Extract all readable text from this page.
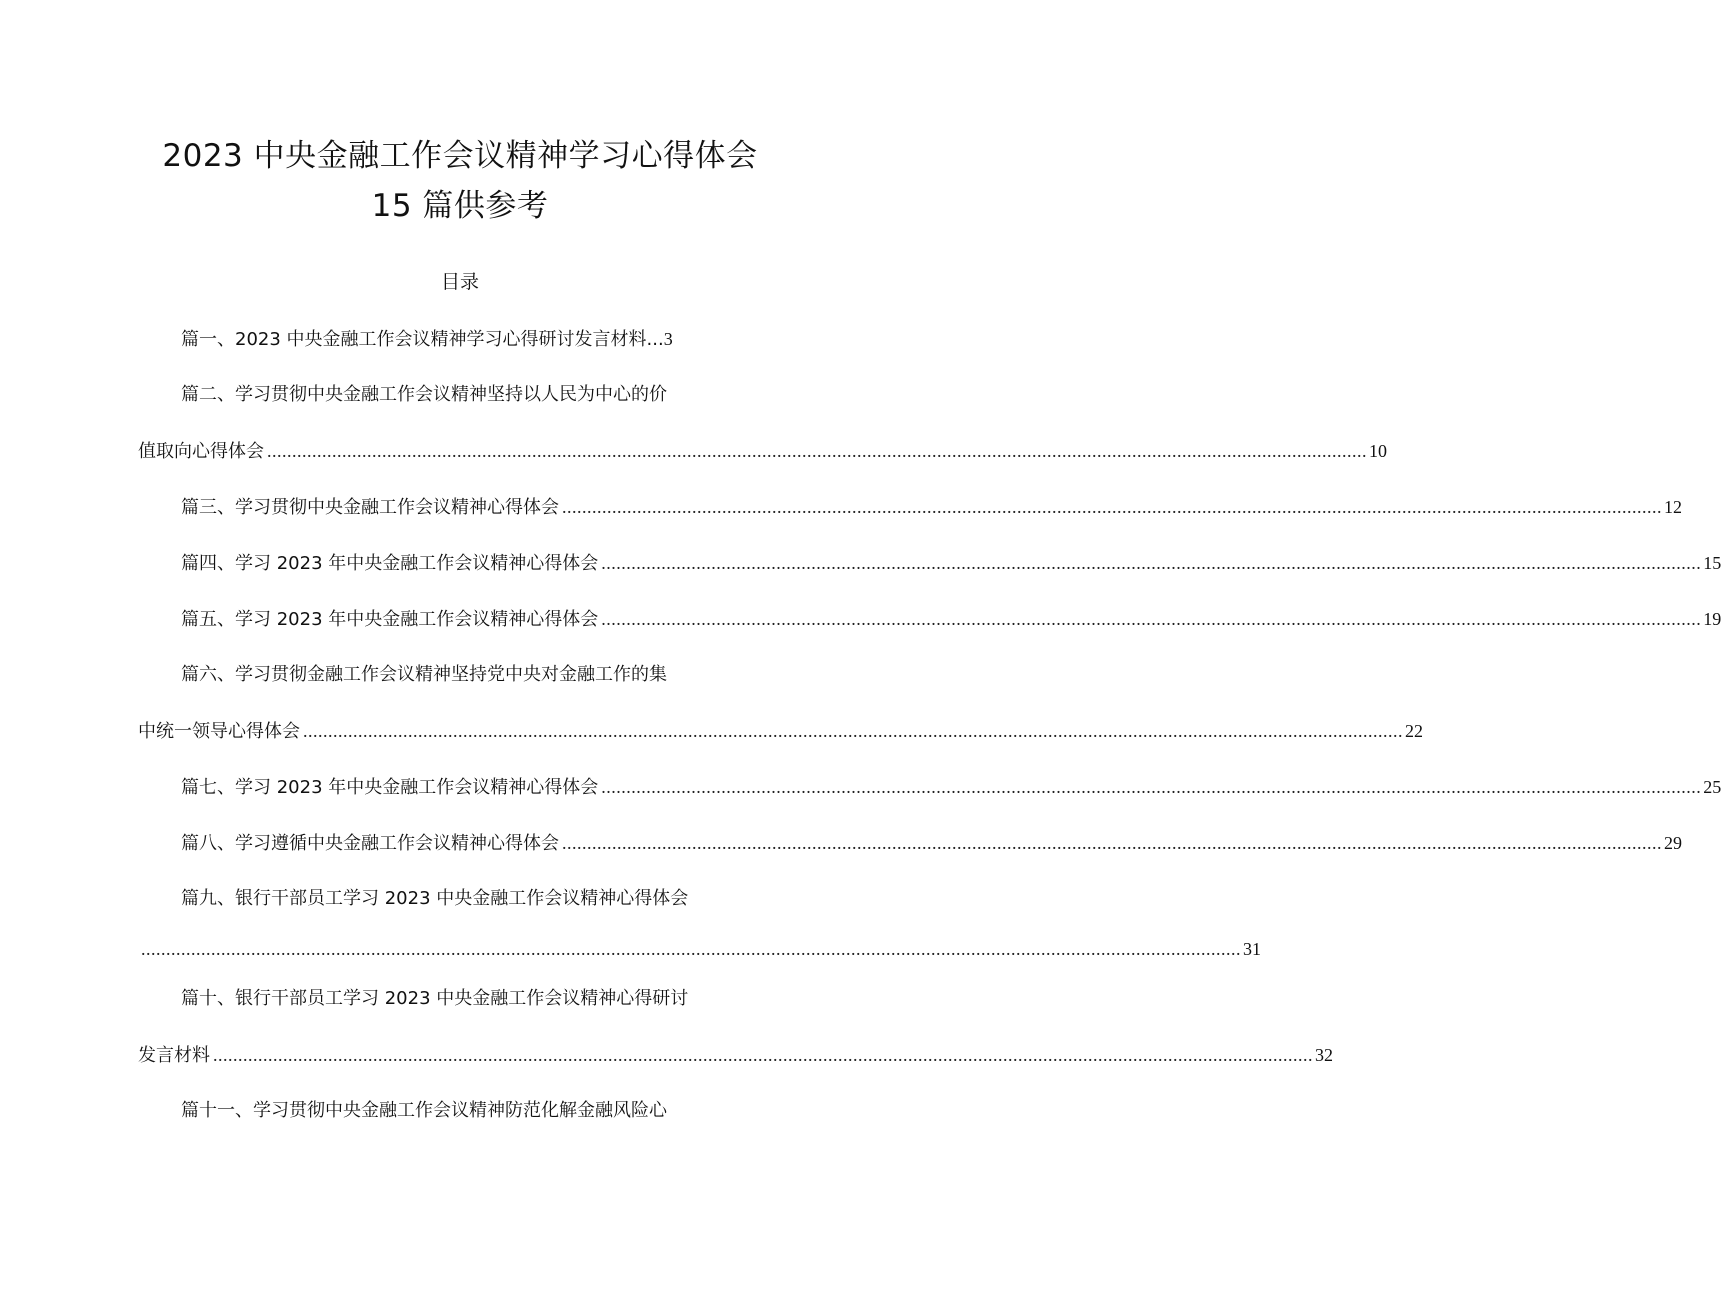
2023 中央金融工作会议精神学习心得体会
15 篇供参考
目录
篇一、2023 中央金融工作会议精神学习心得研讨发言材料...3
篇二、学习贯彻中央金融工作会议精神坚持以人民为中心的价
值取向心得体会 ............................................................................................................................................................................................................................ 10
篇三、学习贯彻中央金融工作会议精神心得体会 ............................................................................................................................................................................................................................ 12
篇四、学习 2023 年中央金融工作会议精神心得体会 ............................................................................................................................................................................................................................ 15
篇五、学习 2023 年中央金融工作会议精神心得体会 ............................................................................................................................................................................................................................ 19
篇六、学习贯彻金融工作会议精神坚持党中央对金融工作的集
中统一领导心得体会 ............................................................................................................................................................................................................................ 22
篇七、学习 2023 年中央金融工作会议精神心得体会 ............................................................................................................................................................................................................................ 25
篇八、学习遵循中央金融工作会议精神心得体会 ............................................................................................................................................................................................................................ 29
篇九、银行干部员工学习 2023 中央金融工作会议精神心得体会
............................................................................................................................................................................................................................ 31
篇十、银行干部员工学习 2023 中央金融工作会议精神心得研讨
发言材料 ............................................................................................................................................................................................................................ 32
篇十一、学习贯彻中央金融工作会议精神防范化解金融风险心
